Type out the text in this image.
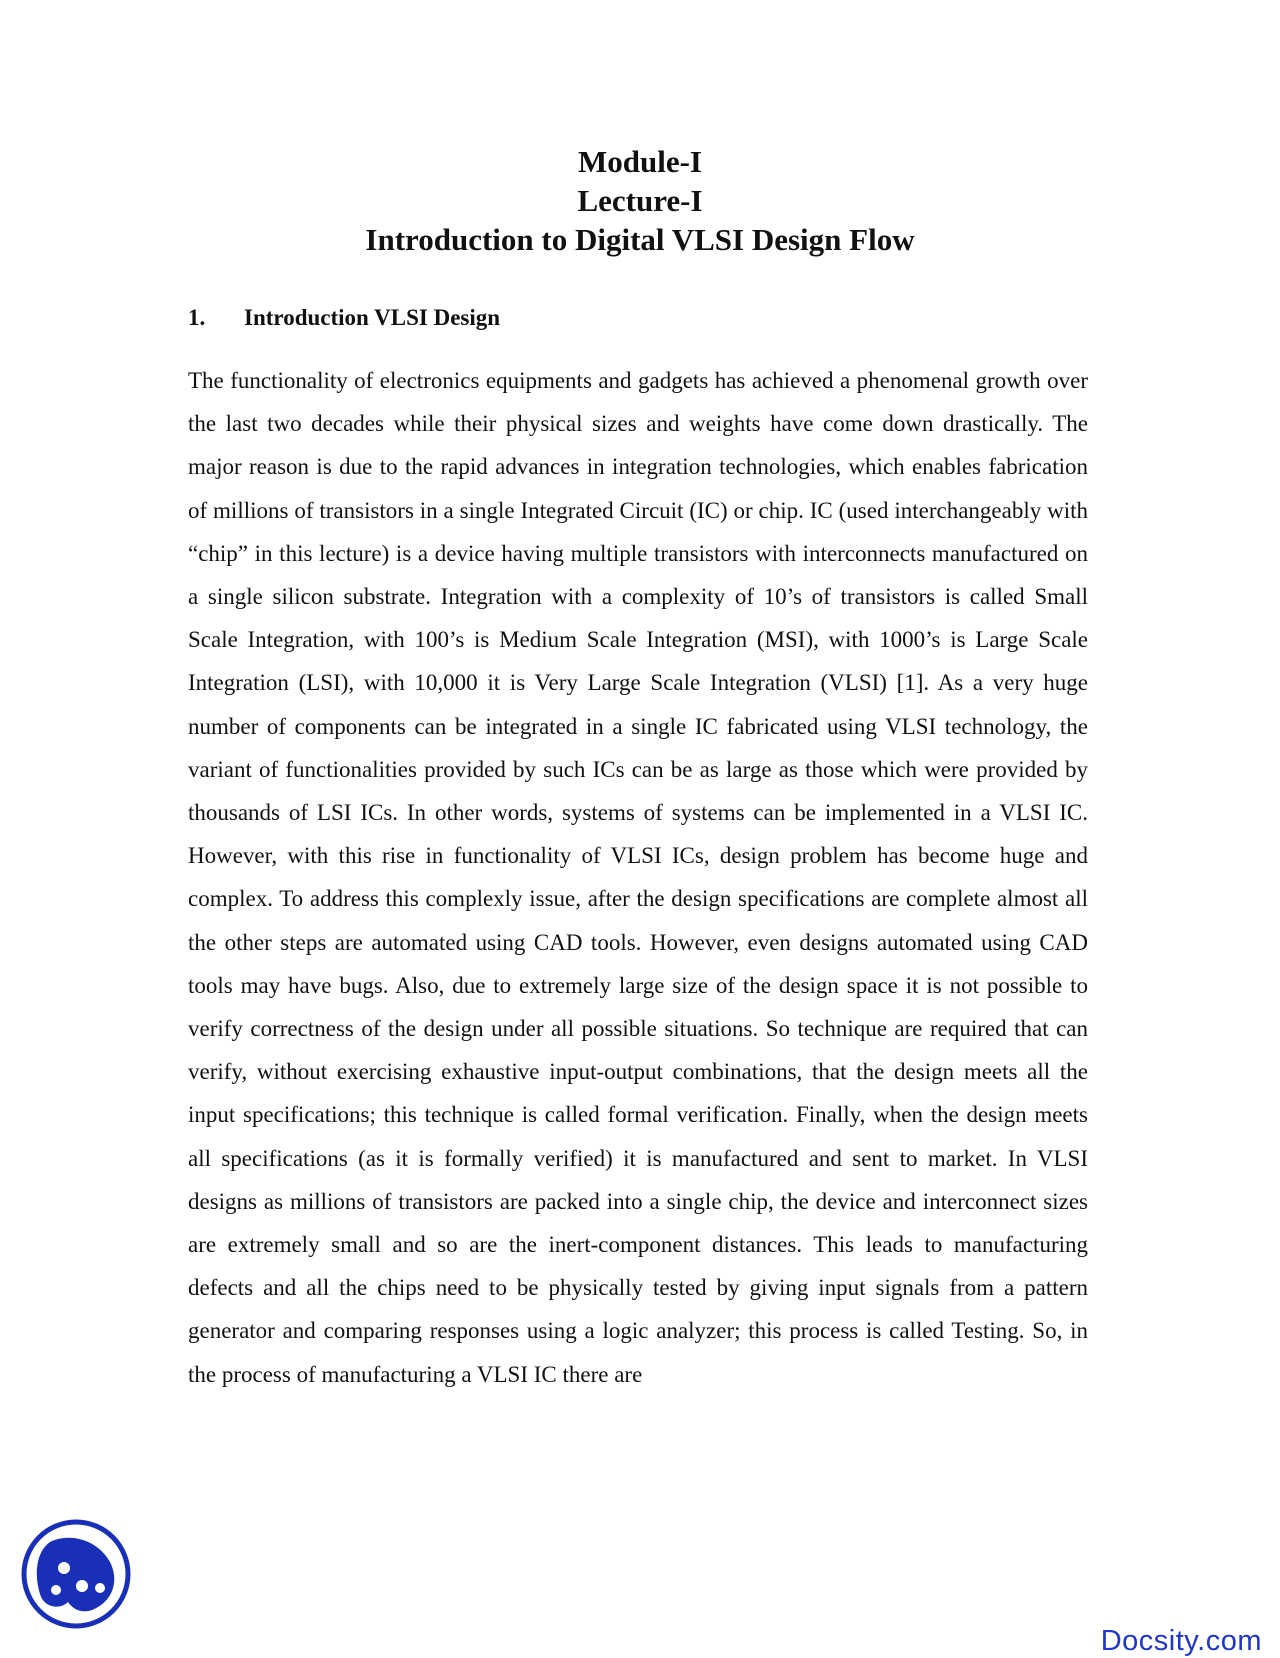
Module-I
Lecture-I
Introduction to Digital VLSI Design Flow
1.	Introduction VLSI Design

The functionality of electronics equipments and gadgets has achieved a phenomenal growth over the last two decades while their physical sizes and weights have come down drastically. The major reason is due to the rapid advances in integration technologies, which enables fabrication of millions of transistors in a single Integrated Circuit (IC) or chip. IC (used interchangeably with “chip” in this lecture) is a device having multiple transistors with interconnects manufactured on a single silicon substrate. Integration with a complexity of 10’s of transistors is called Small Scale Integration, with 100’s is Medium Scale Integration (MSI), with 1000’s is Large Scale Integration (LSI), with 10,000 it is Very Large Scale Integration (VLSI) [1]. As a very huge number of components can be integrated in a single IC fabricated using VLSI technology, the variant of functionalities provided by such ICs can be as large as those which were provided by thousands of LSI ICs. In other words, systems of systems can be implemented in a VLSI IC. However, with this rise in functionality of VLSI ICs, design problem has become huge and complex. To address this complexly issue, after the design specifications are complete almost all the other steps are automated using CAD tools. However, even designs automated using CAD tools may have bugs. Also, due to extremely large size of the design space it is not possible to verify correctness of the design under all possible situations. So technique are required that can verify, without exercising exhaustive input-output combinations, that the design meets all the input specifications; this technique is called formal verification. Finally, when the design meets all specifications (as it is formally verified) it is manufactured and sent to market. In VLSI designs as millions of transistors are packed into a single chip, the device and interconnect sizes are extremely small and so are the inert-component distances. This leads to manufacturing defects and all the chips need to be physically tested by giving input signals from a pattern generator and comparing responses using a logic analyzer; this process is called Testing. So, in the process of manufacturing a VLSI IC there are

Docsity.com
